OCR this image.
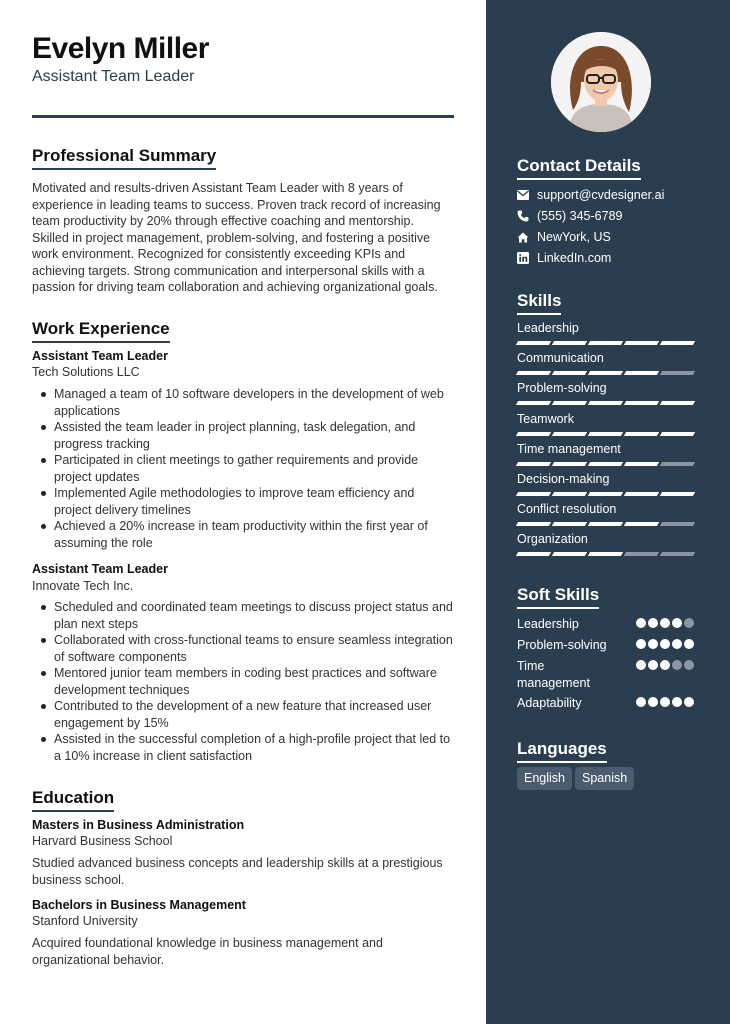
Evelyn Miller
Assistant Team Leader
Professional Summary
Motivated and results-driven Assistant Team Leader with 8 years of experience in leading teams to success. Proven track record of increasing team productivity by 20% through effective coaching and mentorship. Skilled in project management, problem-solving, and fostering a positive work environment. Recognized for consistently exceeding KPIs and achieving targets. Strong communication and interpersonal skills with a passion for driving team collaboration and achieving organizational goals.
Work Experience
Assistant Team Leader
Tech Solutions LLC
Managed a team of 10 software developers in the development of web applications
Assisted the team leader in project planning, task delegation, and progress tracking
Participated in client meetings to gather requirements and provide project updates
Implemented Agile methodologies to improve team efficiency and project delivery timelines
Achieved a 20% increase in team productivity within the first year of assuming the role
Assistant Team Leader
Innovate Tech Inc.
Scheduled and coordinated team meetings to discuss project status and plan next steps
Collaborated with cross-functional teams to ensure seamless integration of software components
Mentored junior team members in coding best practices and software development techniques
Contributed to the development of a new feature that increased user engagement by 15%
Assisted in the successful completion of a high-profile project that led to a 10% increase in client satisfaction
Education
Masters in Business Administration
Harvard Business School
Studied advanced business concepts and leadership skills at a prestigious business school.
Bachelors in Business Management
Stanford University
Acquired foundational knowledge in business management and organizational behavior.
Contact Details
support@cvdesigner.ai
(555) 345-6789
NewYork, US
LinkedIn.com
Skills
Leadership
Communication
Problem-solving
Teamwork
Time management
Decision-making
Conflict resolution
Organization
Soft Skills
Leadership
Problem-solving
Time management
Adaptability
Languages
English	Spanish
